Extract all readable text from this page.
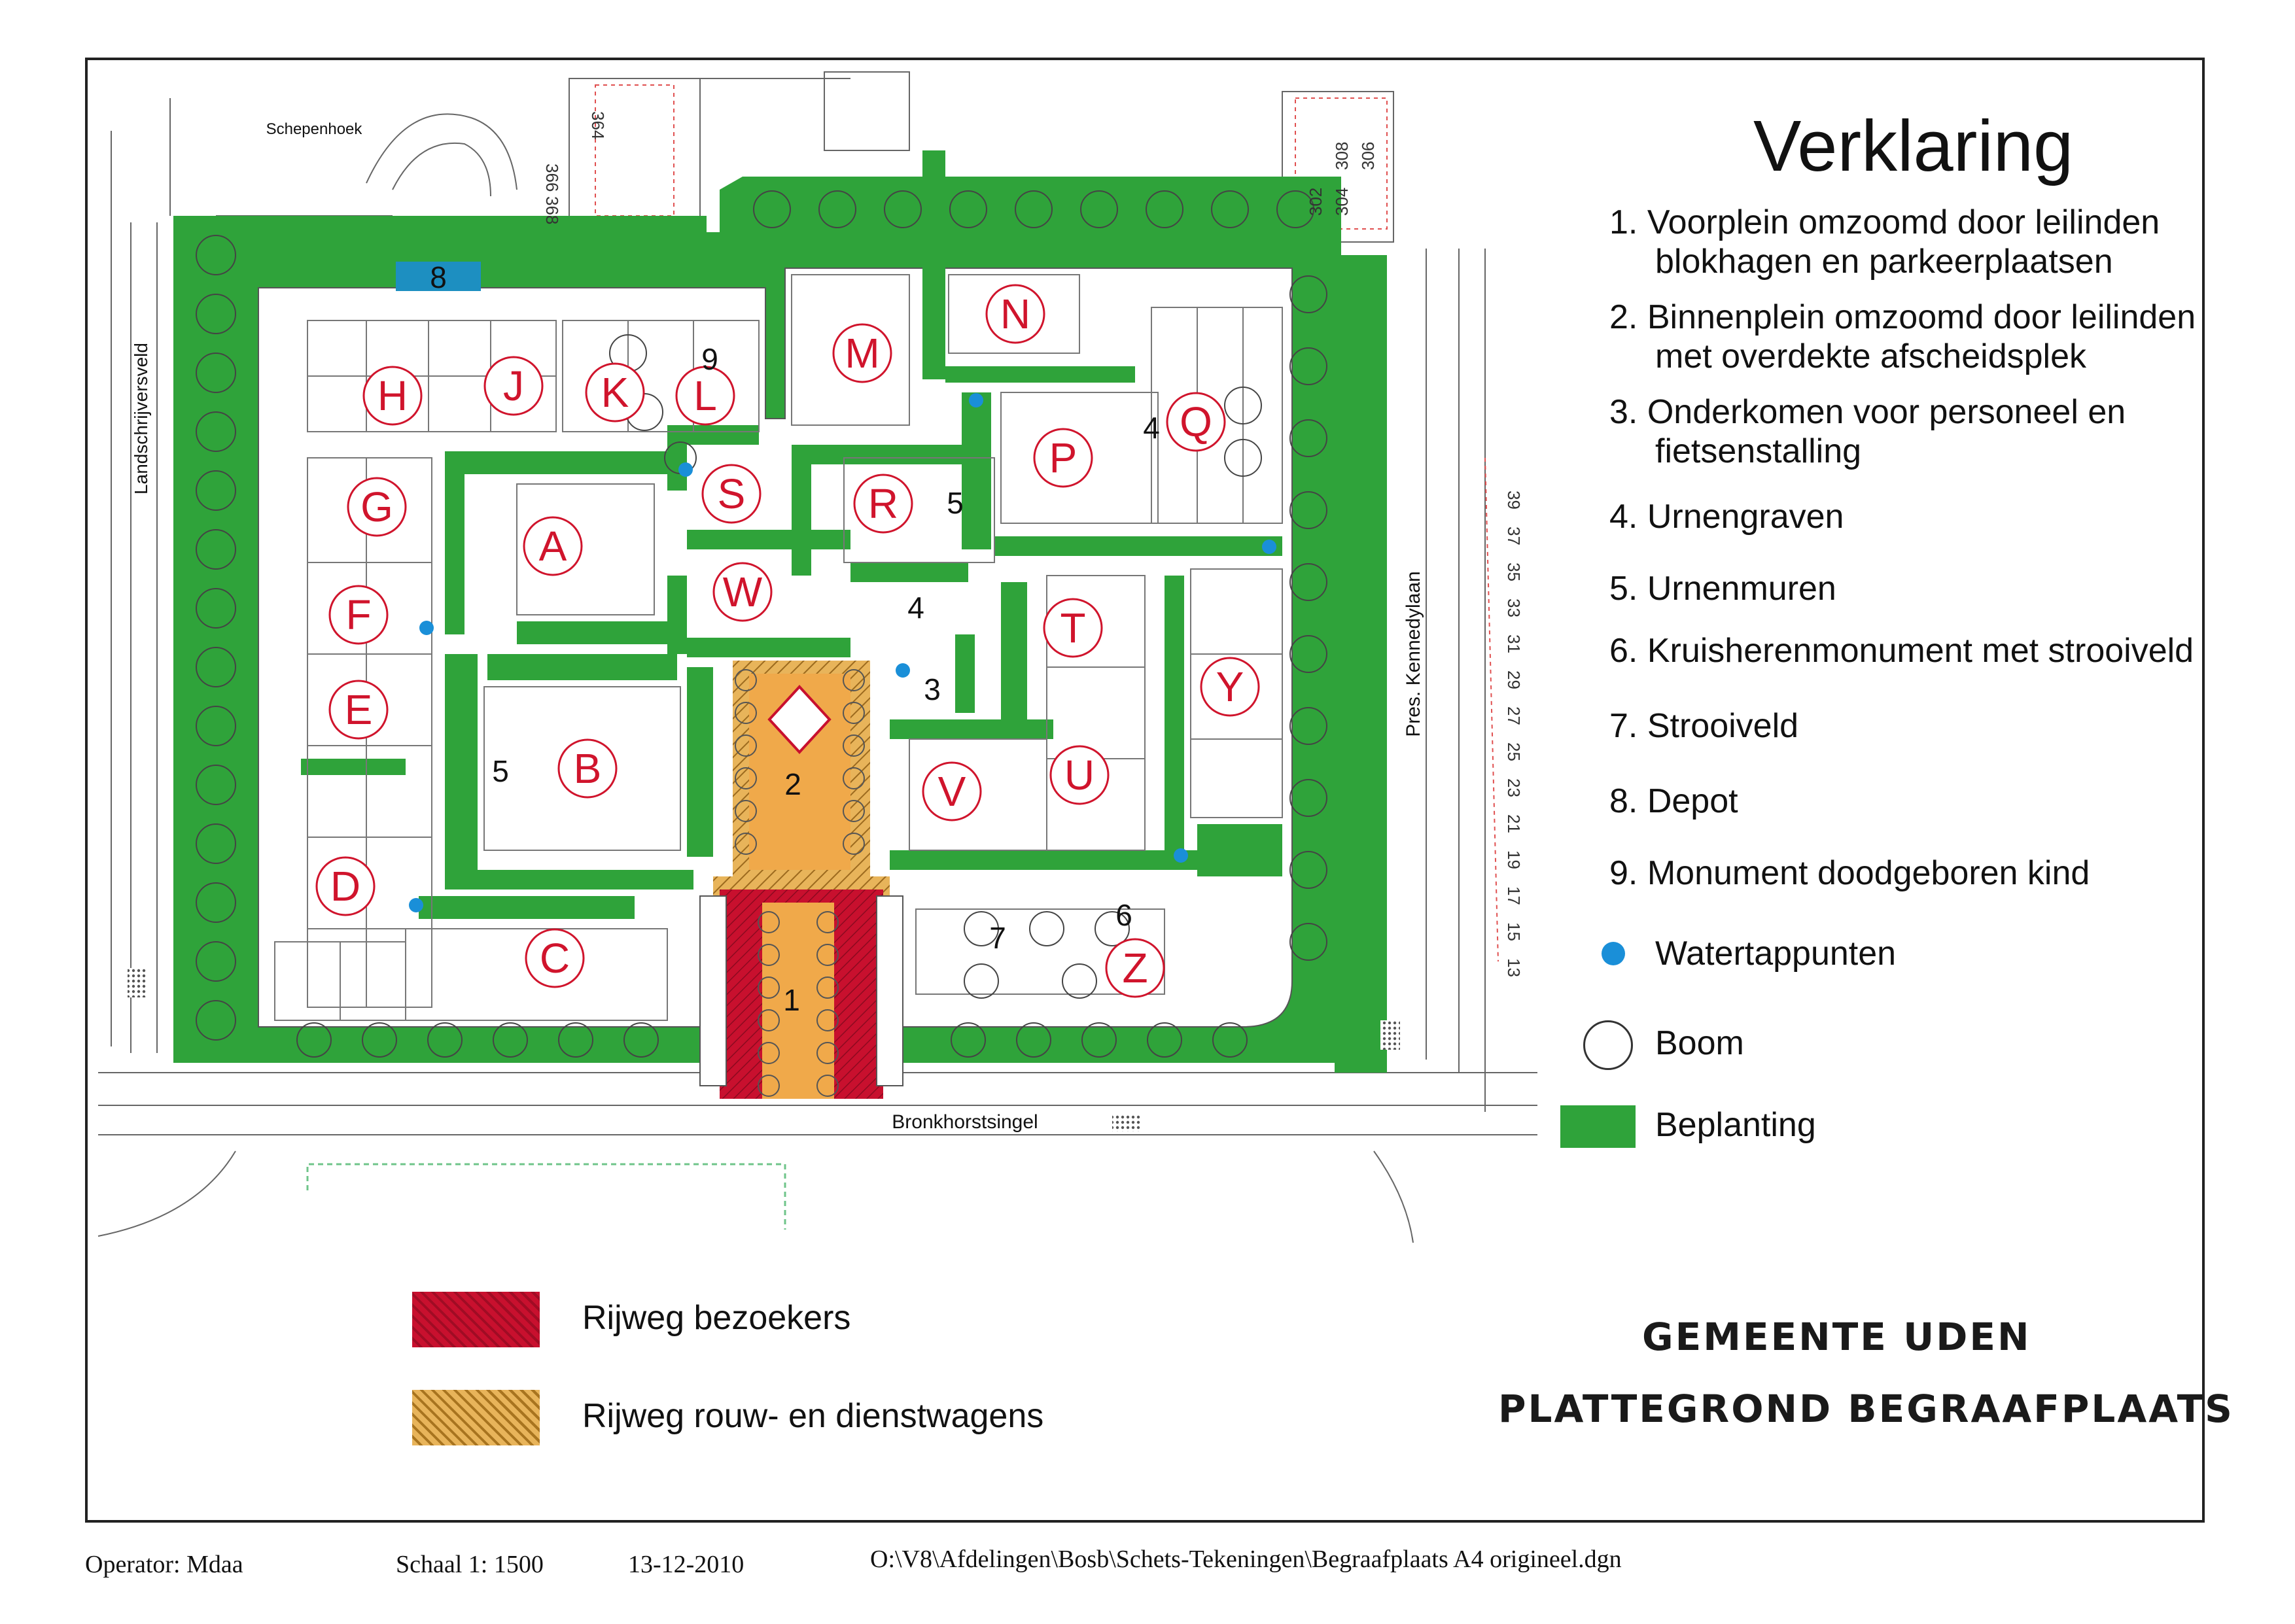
A
B
C
D
E
F
G
H J K L
M
N
P
Q
R
S
T
U
V
W
Y
Z
1
2
3
4
4
5
5
6
7
8
9
Bronkhorstsingel
Pres. Kennedylaan
Landschrijversveld
Schepenhoek	364
366
368	302 304
306
308
39
37
35
33
31
29
27
25
23
21
19
17
15
13
Verklaring
1. Voorplein omzoomd door leilinden
blokhagen en parkeerplaatsen
2. Binnenplein omzoomd door leilinden
met overdekte afscheidsplek
3. Onderkomen voor personeel en
fietsenstalling
4. Urnengraven
5. Urnenmuren
6. Kruisherenmonument met strooiveld
7. Strooiveld
8. Depot
9. Monument doodgeboren kind
Watertappunten
Boom
Beplanting
Rijweg bezoekers
Rijweg rouw- en dienstwagens
GEMEENTE UDEN
PLATTEGROND BEGRAAFPLAATS
Operator: Mdaa	Schaal 1: 1500	13-12-2010	O:\V8\Afdelingen\Bosb\Schets-Tekeningen\Begraafplaats A4 origineel.dgn
